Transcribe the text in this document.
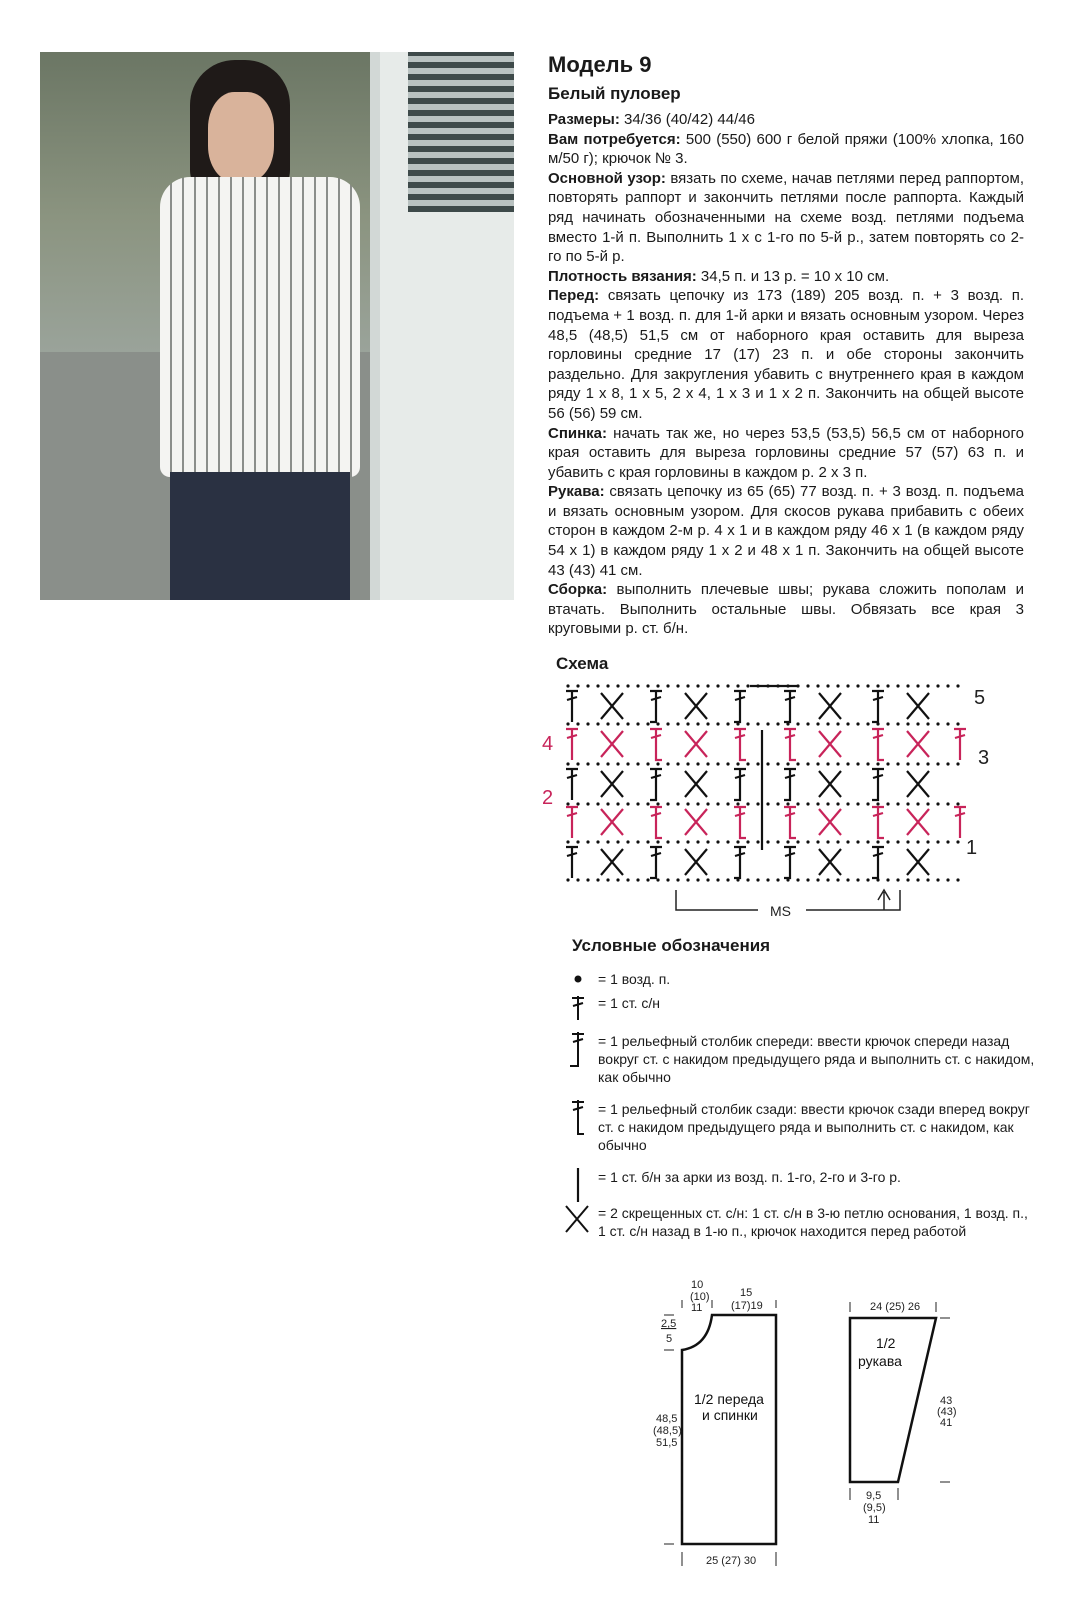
Модель 9
Белый пуловер

Размеры: 34/36 (40/42) 44/46

Вам потребуется: 500 (550) 600 г белой пряжи (100% хлопка, 160 м/50 г); крючок № 3.

Основной узор: вязать по схеме, начав петлями перед раппортом, повторять раппорт и закончить петлями после раппорта. Каждый ряд начинать обозначенными на схеме возд. петлями подъема вместо 1-й п. Выполнить 1 х с 1-го по 5-й р., затем повторять со 2-го по 5-й р.

Плотность вязания: 34,5 п. и 13 р. = 10 х 10 см.

Перед: связать цепочку из 173 (189) 205 возд. п. + 3 возд. п. подъема + 1 возд. п. для 1-й арки и вязать основным узором. Через 48,5 (48,5) 51,5 см от наборного края оставить для выреза горловины средние 17 (17) 23 п. и обе стороны закончить раздельно. Для закругления убавить с внутреннего края в каждом ряду 1 х 8, 1 х 5, 2 х 4, 1 х 3 и 1 х 2 п. Закончить на общей высоте 56 (56) 59 см.

Спинка: начать так же, но через 53,5 (53,5) 56,5 см от наборного края оставить для выреза горловины средние 57 (57) 63 п. и убавить с края горловины в каждом р. 2 х 3 п.

Рукава: связать цепочку из 65 (65) 77 возд. п. + 3 возд. п. подъема и вязать основным узором. Для скосов рукава прибавить с обеих сторон в каждом 2-м р. 4 х 1 и в каждом ряду 46 х 1 (в каждом ряду 54 х 1) в каждом ряду 1 х 2 и 48 х 1 п. Закончить на общей высоте 43 (43) 41 см.

Сборка: выполнить плечевые швы; рукава сложить пополам и втачать. Выполнить остальные швы. Обвязать все края 3 круговыми р. ст. б/н.

Схема
5
3
1
4
2
MS
Условные обозначения
= 1 возд. п.
= 1 ст. с/н
= 1 рельефный столбик спереди: ввести крючок спереди назад вокруг ст. с накидом предыдущего ряда и выполнить ст. с накидом, как обычно
= 1 рельефный столбик сзади: ввести крючок сзади вперед вокруг ст. с накидом предыдущего ряда и выполнить ст. с накидом, как обычно
= 1 ст. б/н за арки из возд. п. 1-го, 2-го и 3-го р.
= 2 скрещенных ст. с/н: 1 ст. с/н в 3-ю петлю основания, 1 возд. п., 1 ст. с/н назад в 1-ю п., крючок находится перед работой
10
(10)
11
15
(17)19
2,5
5
1/2 переда
и спинки
48,5
(48,5)
51,5
25 (27) 30
24 (25) 26
1/2
рукава
43
(43)
41
9,5
(9,5)
11
